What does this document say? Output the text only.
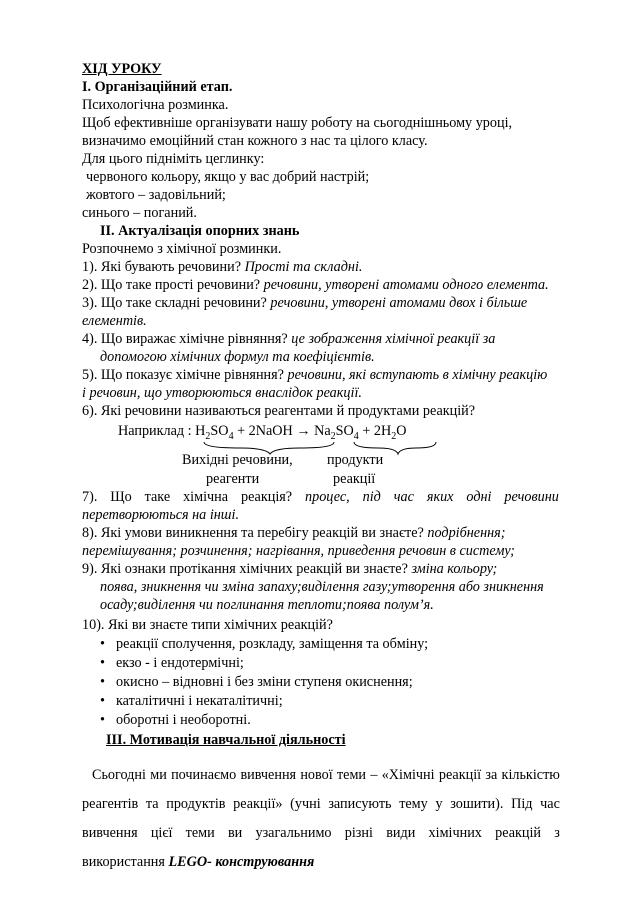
ХІД УРОКУ
І. Організаційний етап.
Психологічна розминка.
Щоб ефективніше організувати нашу роботу на сьогоднішньому уроці,
визначимо емоційний стан кожного з нас та цілого класу.
Для цього підніміть цеглинку:
червоного кольору, якщо у вас добрий настрій;
жовтого – задовільний;
синього – поганий.
ІІ. Актуалізація опорних знань
Розпочнемо з хімічної розминки.
1). Які бувають речовини? Прості та складні.
2). Що таке прості речовини? речовини, утворені атомами одного елемента.
3). Що таке складні речовини? речовини, утворені атомами двох і більше
елементів.
4). Що виражає хімічне рівняння? це зображення хімічної реакції за
допомогою хімічних формул та коефіцієнтів.
5). Що показує хімічне рівняння? речовини, які вступають в хімічну реакцію
і речовин, що утворюються внаслідок реакції.
6). Які речовини називаються реагентами й продуктами реакцій?
Наприклад : $H_2SO_4$ + 2NaOH → $Na_2SO_4 + 2H_2O$
Вихідні речовини,
реагенти
продукти
реакції
7). Що таке хімічна реакція? процес, під час яких одні речовини
перетворюються на інші.
8). Які умови виникнення та перебігу реакцій ви знаєте? подрібнення;
перемішування; розчинення; нагрівання, приведення речовин в систему;
9). Які ознаки протікання хімічних реакцій ви знаєте? зміна кольору;
поява, зникнення чи зміна запаху;виділення газу;утворення або зникнення
осаду;виділення чи поглинання теплоти;поява полум’я.
10). Які ви знаєте типи хімічних реакцій?
• реакції сполучення, розкладу, заміщення та обміну;
• екзо - і ендотермічні;
• окисно – відновні і без зміни ступеня окиснення;
• каталітичні і некаталітичні;
• оборотні і необоротні.
ІІІ. Мотивація навчальної діяльності
Сьогодні ми починаємо вивчення нової теми – «Хімічні реакції за кількістю
реагентів та продуктів реакції» (учні записують тему у зошити). Під час
вивчення цієї теми ви узагальнимо різні види хімічних реакцій з
використання LEGO- конструювання
